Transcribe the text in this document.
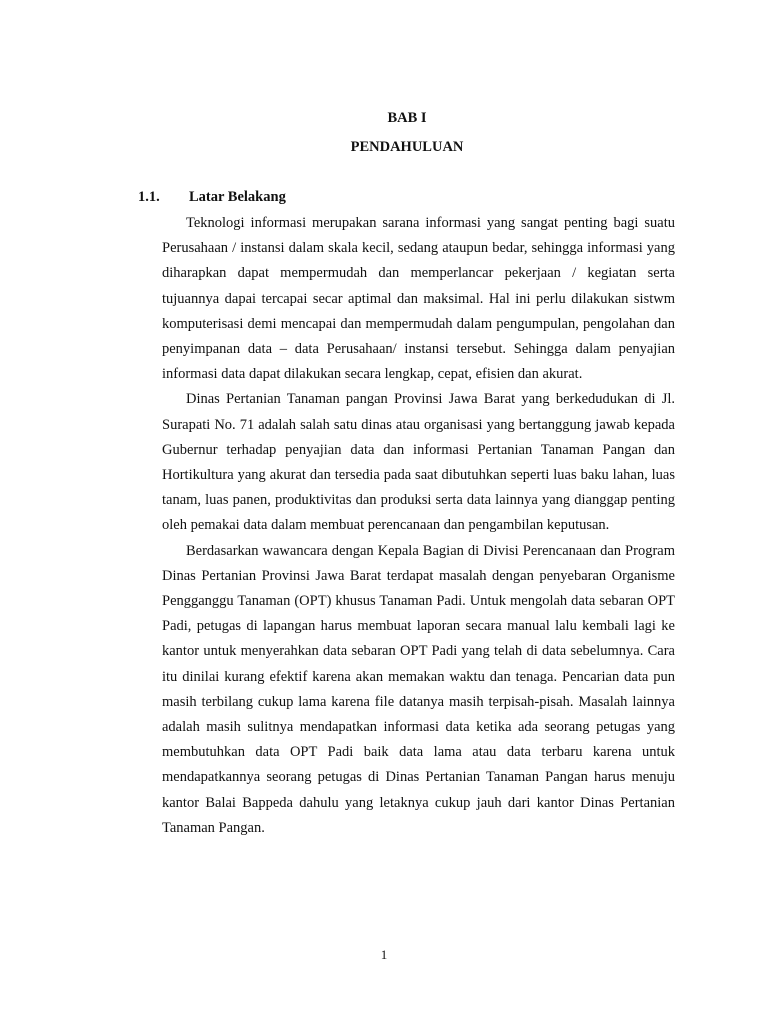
BAB I
PENDAHULUAN
1.1. Latar Belakang

Teknologi informasi merupakan sarana informasi yang sangat penting bagi suatu Perusahaan / instansi dalam skala kecil, sedang ataupun bedar, sehingga informasi yang diharapkan dapat mempermudah dan memperlancar pekerjaan / kegiatan serta tujuannya dapai tercapai secar aptimal dan maksimal. Hal ini perlu dilakukan sistwm komputerisasi demi mencapai dan mempermudah dalam pengumpulan, pengolahan dan penyimpanan data – data Perusahaan/ instansi tersebut. Sehingga dalam penyajian informasi data dapat dilakukan secara lengkap, cepat, efisien dan akurat.

Dinas Pertanian Tanaman pangan Provinsi Jawa Barat yang berkedudukan di Jl. Surapati No. 71 adalah salah satu dinas atau organisasi yang bertanggung jawab kepada Gubernur terhadap penyajian data dan informasi Pertanian Tanaman Pangan dan Hortikultura yang akurat dan tersedia pada saat dibutuhkan seperti luas baku lahan, luas tanam, luas panen, produktivitas dan produksi serta data lainnya yang dianggap penting oleh pemakai data dalam membuat perencanaan dan pengambilan keputusan.

Berdasarkan wawancara dengan Kepala Bagian di Divisi Perencanaan dan Program Dinas Pertanian Provinsi Jawa Barat terdapat masalah dengan penyebaran Organisme Pengganggu Tanaman (OPT) khusus Tanaman Padi. Untuk mengolah data sebaran OPT Padi, petugas di lapangan harus membuat laporan secara manual lalu kembali lagi ke kantor untuk menyerahkan data sebaran OPT Padi yang telah di data sebelumnya. Cara itu dinilai kurang efektif karena akan memakan waktu dan tenaga. Pencarian data pun masih terbilang cukup lama karena file datanya masih terpisah-pisah. Masalah lainnya adalah masih sulitnya mendapatkan informasi data ketika ada seorang petugas yang membutuhkan data OPT Padi baik data lama atau data terbaru karena untuk mendapatkannya seorang petugas di Dinas Pertanian Tanaman Pangan harus menuju kantor Balai Bappeda dahulu yang letaknya cukup jauh dari kantor Dinas Pertanian Tanaman Pangan.

1
